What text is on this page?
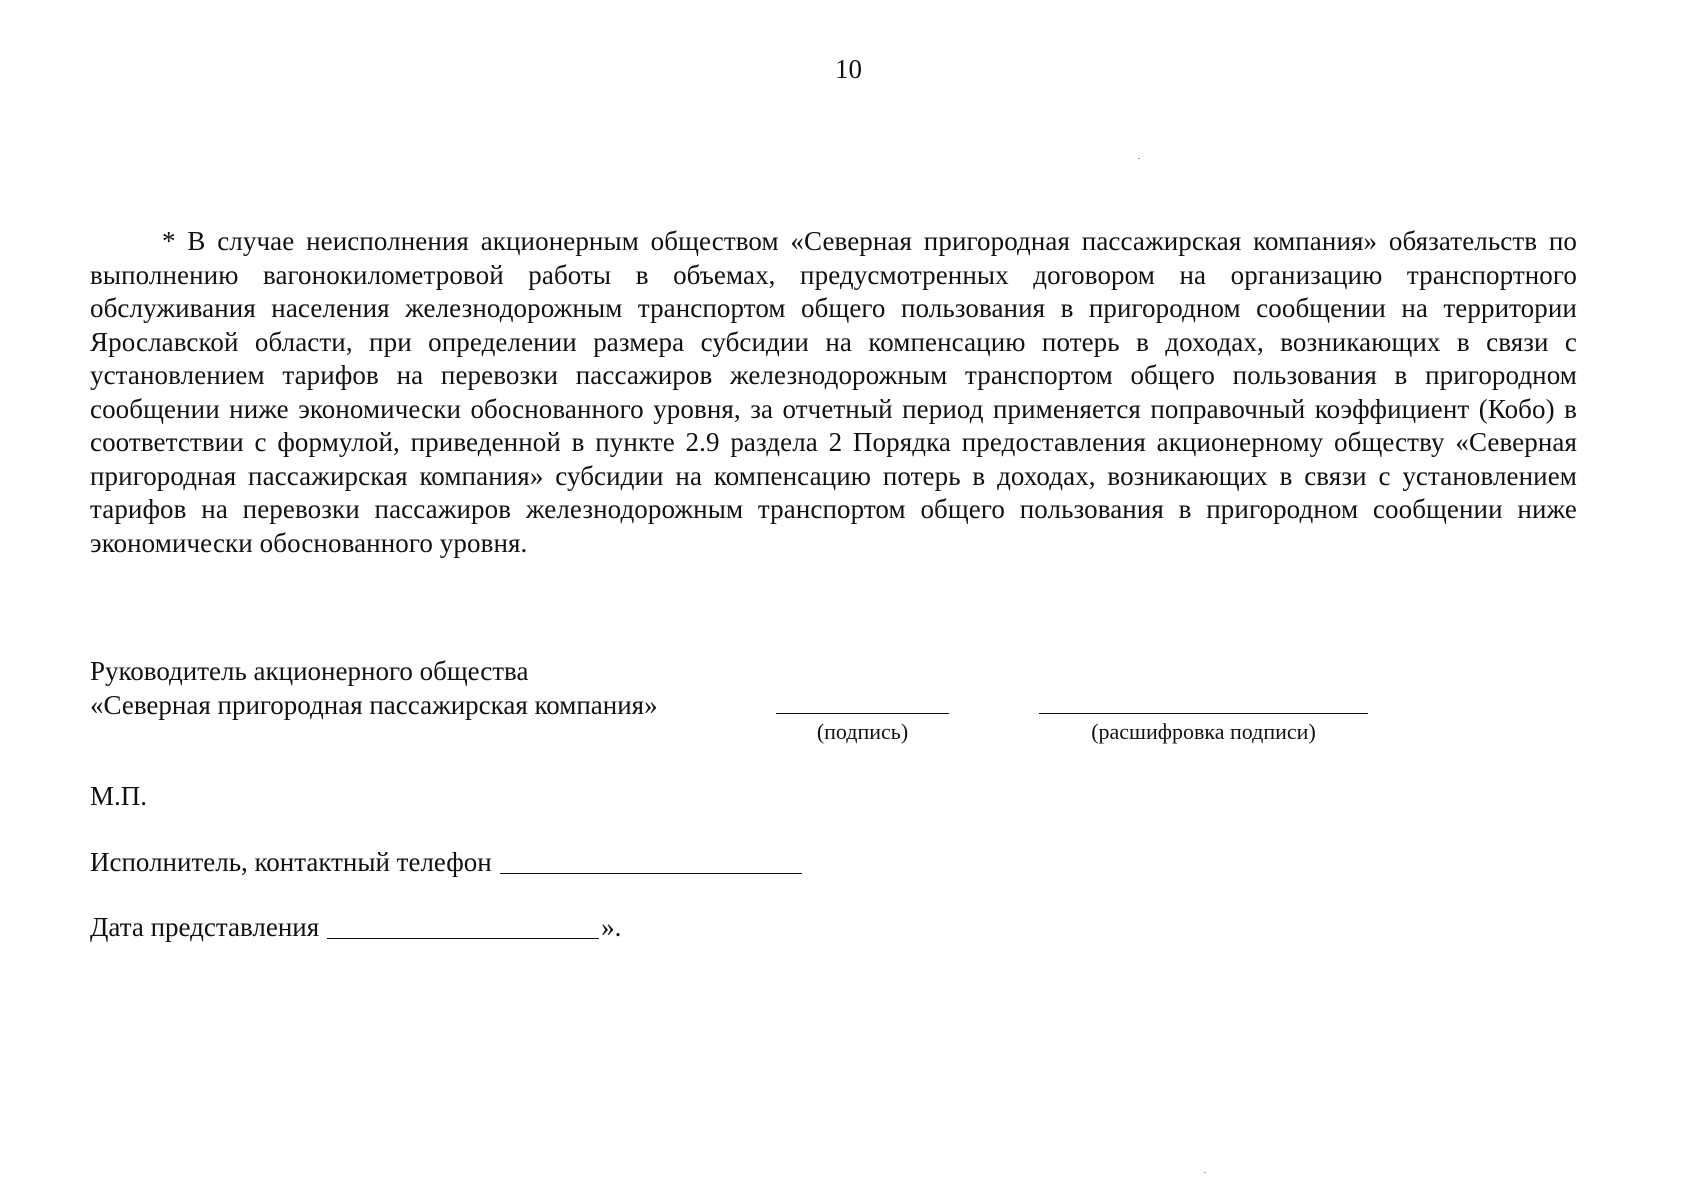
10

* В случае неисполнения акционерным обществом «Северная пригородная пассажирская компания» обязательств по выполнению вагонокилометровой работы в объемах, предусмотренных договором на организацию транспортного обслуживания населения железнодорожным транспортом общего пользования в пригородном сообщении на территории Ярославской области, при определении размера субсидии на компенсацию потерь в доходах, возникающих в связи с установлением тарифов на перевозки пассажиров железнодорожным транспортом общего пользования в пригородном сообщении ниже экономически обоснованного уровня, за отчетный период применяется поправочный коэффициент (Кобо) в соответствии с формулой, приведенной в пункте 2.9 раздела 2 Порядка предоставления акционерному обществу «Северная пригородная пассажирская компания» субсидии на компенсацию потерь в доходах, возникающих в связи с установлением тарифов на перевозки пассажиров железнодорожным транспортом общего пользования в пригородном сообщении ниже экономически обоснованного уровня.

Руководитель акционерного общества
«Северная пригородная пассажирская компания»
(подпись)	(расшифровка подписи)
М.П.
Исполнитель, контактный телефон
Дата представления	».
